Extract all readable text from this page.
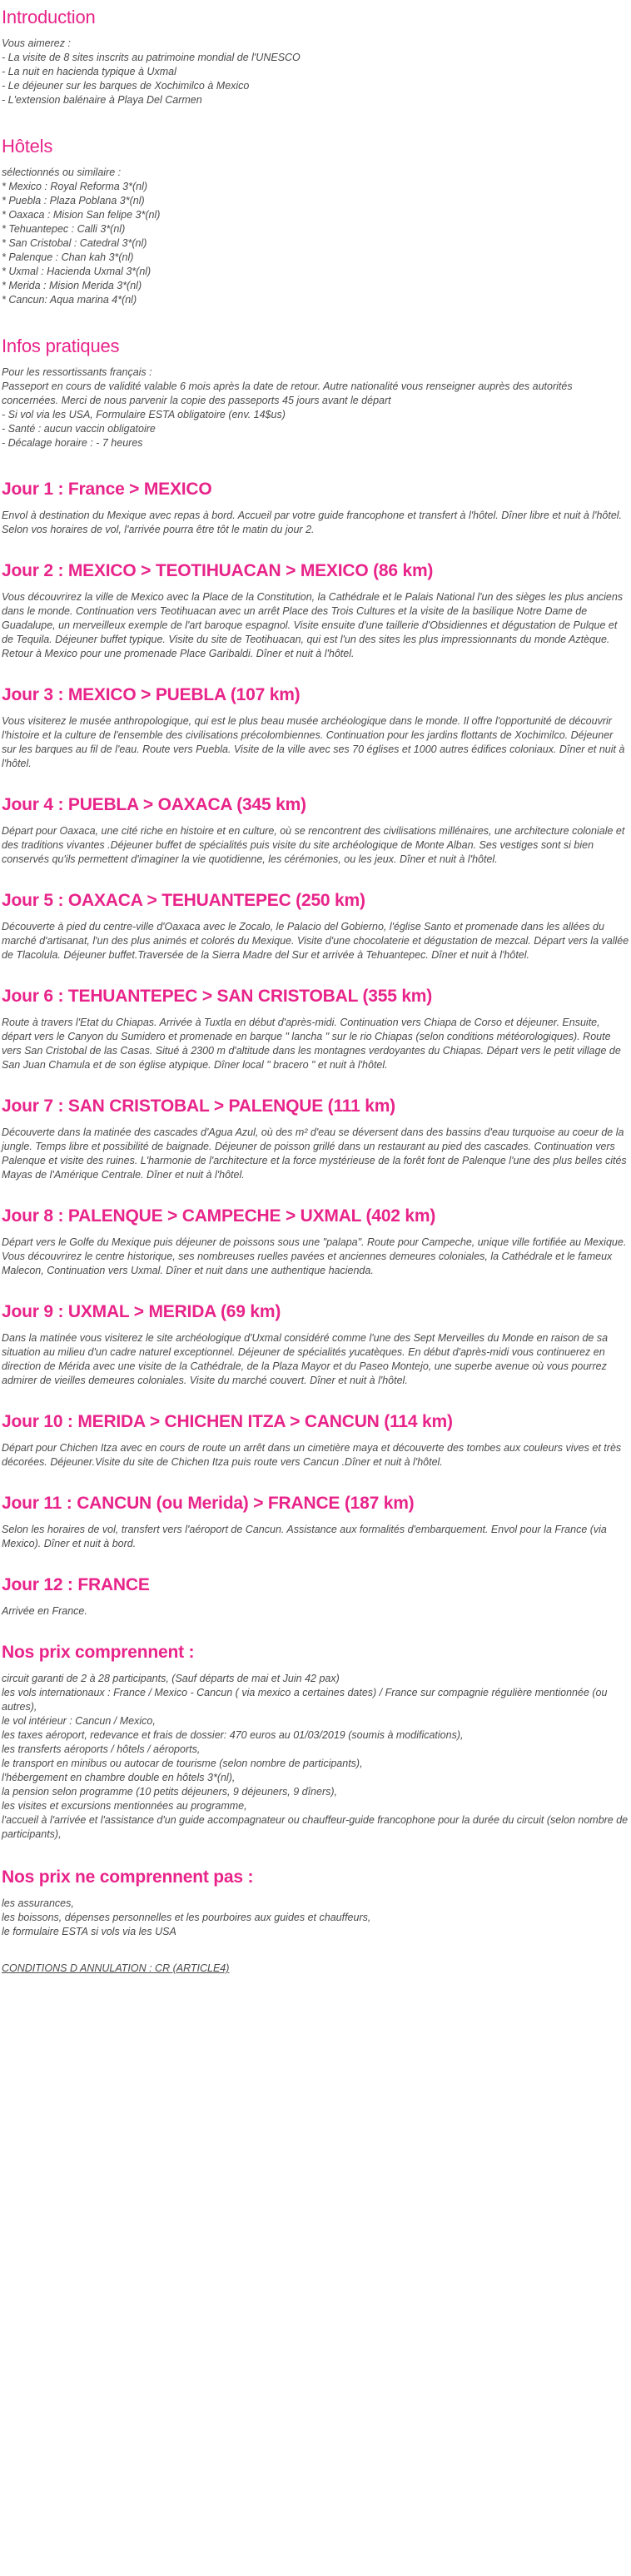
Introduction

Vous aimerez :
- La visite de 8 sites inscrits au patrimoine mondial de l'UNESCO
- La nuit en hacienda typique à Uxmal
- Le déjeuner sur les barques de Xochimilco à Mexico
- L'extension balénaire à Playa Del Carmen

Hôtels

sélectionnés ou similaire :
* Mexico : Royal Reforma 3*(nl)
* Puebla : Plaza Poblana 3*(nl)
* Oaxaca : Mision San felipe 3*(nl)
* Tehuantepec : Calli 3*(nl)
* San Cristobal : Catedral 3*(nl)
* Palenque : Chan kah 3*(nl)
* Uxmal : Hacienda Uxmal 3*(nl)
* Merida : Mision Merida 3*(nl)
* Cancun: Aqua marina 4*(nl)

Infos pratiques

Pour les ressortissants français :
Passeport en cours de validité valable 6 mois après la date de retour. Autre nationalité vous renseigner auprès des autorités concernées. Merci de nous parvenir la copie des passeports 45 jours avant le départ
- Si vol via les USA, Formulaire ESTA obligatoire (env. 14$us)
- Santé : aucun vaccin obligatoire
- Décalage horaire : - 7 heures

Jour 1 : France > MEXICO

Envol à destination du Mexique avec repas à bord. Accueil par votre guide francophone et transfert à l'hôtel. Dîner libre et nuit à l'hôtel. Selon vos horaires de vol, l'arrivée pourra être tôt le matin du jour 2.

Jour 2 : MEXICO > TEOTIHUACAN > MEXICO (86 km)

Vous découvrirez la ville de Mexico avec la Place de la Constitution, la Cathédrale et le Palais National l'un des sièges les plus anciens dans le monde. Continuation vers Teotihuacan avec un arrêt Place des Trois Cultures et la visite de la basilique Notre Dame de Guadalupe, un merveilleux exemple de l'art baroque espagnol. Visite ensuite d'une taillerie d'Obsidiennes et dégustation de Pulque et de Tequila. Déjeuner buffet typique. Visite du site de Teotihuacan, qui est l'un des sites les plus impressionnants du monde Aztèque. Retour à Mexico pour une promenade Place Garibaldi. Dîner et nuit à l'hôtel.

Jour 3 : MEXICO > PUEBLA (107 km)

Vous visiterez le musée anthropologique, qui est le plus beau musée archéologique dans le monde. Il offre l'opportunité de découvrir l'histoire et la culture de l'ensemble des civilisations précolombiennes. Continuation pour les jardins flottants de Xochimilco. Déjeuner sur les barques au fil de l'eau. Route vers Puebla. Visite de la ville avec ses 70 églises et 1000 autres édifices coloniaux. Dîner et nuit à l'hôtel.

Jour 4 : PUEBLA > OAXACA (345 km)

Départ pour Oaxaca, une cité riche en histoire et en culture, où se rencontrent des civilisations millénaires, une architecture coloniale et des traditions vivantes .Déjeuner buffet de spécialités puis visite du site archéologique de Monte Alban. Ses vestiges sont si bien conservés qu'ils permettent d'imaginer la vie quotidienne, les cérémonies, ou les jeux. Dîner et nuit à l'hôtel.

Jour 5 : OAXACA > TEHUANTEPEC (250 km)

Découverte à pied du centre-ville d'Oaxaca avec le Zocalo, le Palacio del Gobierno, l'église Santo et promenade dans les allées du marché d'artisanat, l'un des plus animés et colorés du Mexique. Visite d'une chocolaterie et dégustation de mezcal. Départ vers la vallée de Tlacolula. Déjeuner buffet.Traversée de la Sierra Madre del Sur et arrivée à Tehuantepec. Dîner et nuit à l'hôtel.

Jour 6 : TEHUANTEPEC > SAN CRISTOBAL (355 km)

Route à travers l'Etat du Chiapas. Arrivée à Tuxtla en début d'après-midi. Continuation vers Chiapa de Corso et déjeuner. Ensuite, départ vers le Canyon du Sumidero et promenade en barque " lancha " sur le rio Chiapas (selon conditions météorologiques). Route vers San Cristobal de las Casas. Situé à 2300 m d'altitude dans les montagnes verdoyantes du Chiapas. Départ vers le petit village de San Juan Chamula et de son église atypique. Dîner local " bracero " et nuit à l'hôtel.

Jour 7 : SAN CRISTOBAL > PALENQUE (111 km)

Découverte dans la matinée des cascades d'Agua Azul, où des m² d'eau se déversent dans des bassins d'eau turquoise au coeur de la jungle. Temps libre et possibilité de baignade. Déjeuner de poisson grillé dans un restaurant au pied des cascades. Continuation vers Palenque et visite des ruines. L'harmonie de l'architecture et la force mystérieuse de la forêt font de Palenque l'une des plus belles cités Mayas de l'Amérique Centrale. Dîner et nuit à l'hôtel.

Jour 8 : PALENQUE > CAMPECHE > UXMAL (402 km)

Départ vers le Golfe du Mexique puis déjeuner de poissons sous une "palapa". Route pour Campeche, unique ville fortifiée au Mexique. Vous découvrirez le centre historique, ses nombreuses ruelles pavées et anciennes demeures coloniales, la Cathédrale et le fameux Malecon, Continuation vers Uxmal. Dîner et nuit dans une authentique hacienda.

Jour 9 : UXMAL > MERIDA (69 km)

Dans la matinée vous visiterez le site archéologique d'Uxmal considéré comme l'une des Sept Merveilles du Monde en raison de sa situation au milieu d'un cadre naturel exceptionnel. Déjeuner de spécialités yucatèques. En début d'après-midi vous continuerez en direction de Mérida avec une visite de la Cathédrale, de la Plaza Mayor et du Paseo Montejo, une superbe avenue où vous pourrez admirer de vieilles demeures coloniales. Visite du marché couvert. Dîner et nuit à l'hôtel.

Jour 10 : MERIDA > CHICHEN ITZA > CANCUN (114 km)

Départ pour Chichen Itza avec en cours de route un arrêt dans un cimetière maya et découverte des tombes aux couleurs vives et très décorées. Déjeuner.Visite du site de Chichen Itza puis route vers Cancun .Dîner et nuit à l'hôtel.

Jour 11 : CANCUN (ou Merida) > FRANCE (187 km)

Selon les horaires de vol, transfert vers l'aéroport de Cancun. Assistance aux formalités d'embarquement. Envol pour la France (via Mexico). Dîner et nuit à bord.

Jour 12 : FRANCE

Arrivée en France.

Nos prix comprennent :

circuit garanti de 2 à 28 participants, (Sauf départs de mai et Juin 42 pax)
les vols internationaux : France / Mexico - Cancun ( via mexico a certaines dates) / France sur compagnie régulière mentionnée (ou autres),
le vol intérieur : Cancun / Mexico,
les taxes aéroport, redevance et frais de dossier: 470 euros au 01/03/2019 (soumis à modifications),
les transferts aéroports / hôtels / aéroports,
le transport en minibus ou autocar de tourisme (selon nombre de participants),
l'hébergement en chambre double en hôtels 3*(nl),
la pension selon programme (10 petits déjeuners, 9 déjeuners, 9 dîners),
les visites et excursions mentionnées au programme,
l'accueil à l'arrivée et l'assistance d'un guide accompagnateur ou chauffeur-guide francophone pour la durée du circuit (selon nombre de participants),

Nos prix ne comprennent pas :

les assurances,
les boissons, dépenses personnelles et les pourboires aux guides et chauffeurs,
le formulaire ESTA si vols via les USA

CONDITIONS D ANNULATION : CR (ARTICLE4)
